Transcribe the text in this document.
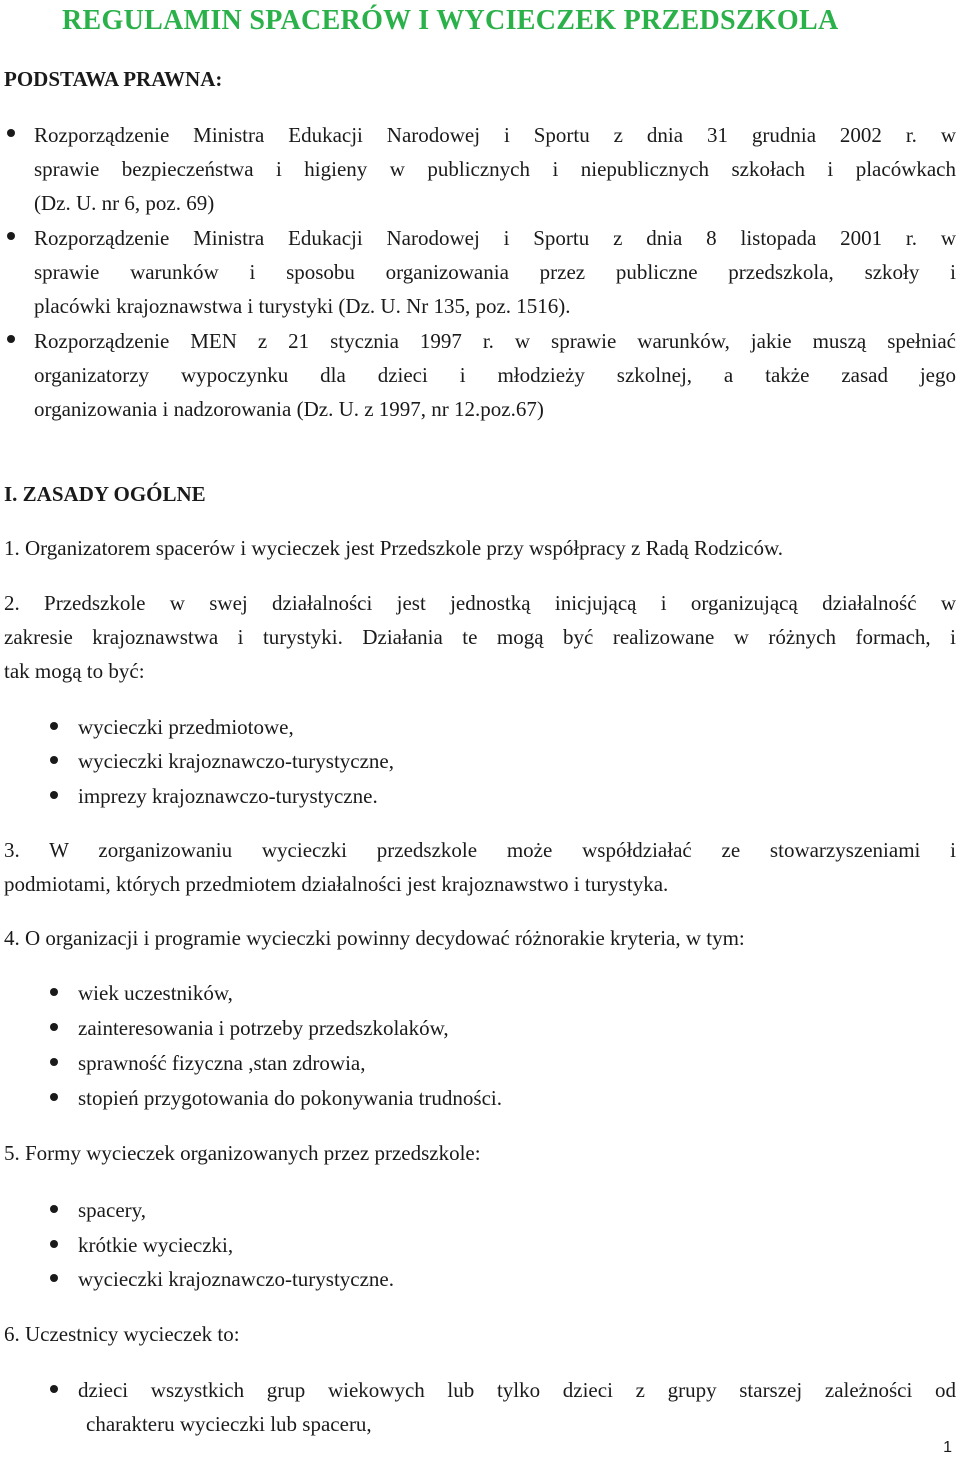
REGULAMIN SPACERÓW I WYCIECZEK PRZEDSZKOLA
PODSTAWA PRAWNA:
Rozporządzenie Ministra Edukacji Narodowej i Sportu z dnia 31 grudnia 2002 r. w
sprawie bezpieczeństwa i higieny w publicznych i niepublicznych szkołach i placówkach
(Dz. U. nr 6, poz. 69)
Rozporządzenie Ministra Edukacji Narodowej i Sportu z dnia 8 listopada 2001 r. w
sprawie warunków i sposobu organizowania przez publiczne przedszkola, szkoły i
placówki krajoznawstwa i turystyki (Dz. U. Nr 135, poz. 1516).
Rozporządzenie MEN z 21 stycznia 1997 r. w sprawie warunków, jakie muszą spełniać
organizatorzy wypoczynku dla dzieci i młodzieży szkolnej, a także zasad jego
organizowania i nadzorowania (Dz. U. z 1997, nr 12.poz.67)
I. ZASADY OGÓLNE
1. Organizatorem spacerów i wycieczek jest Przedszkole przy współpracy z Radą Rodziców.
2. Przedszkole w swej działalności jest jednostką inicjującą i organizującą działalność w
zakresie krajoznawstwa i turystyki. Działania te mogą być realizowane w różnych formach, i
tak mogą to być:
wycieczki przedmiotowe,
wycieczki krajoznawczo-turystyczne,
imprezy krajoznawczo-turystyczne.
3. W zorganizowaniu wycieczki przedszkole może współdziałać ze stowarzyszeniami i
podmiotami, których przedmiotem działalności jest krajoznawstwo i turystyka.
4. O organizacji i programie wycieczki powinny decydować różnorakie kryteria, w tym:
wiek uczestników,
zainteresowania i potrzeby przedszkolaków,
sprawność fizyczna ,stan zdrowia,
stopień przygotowania do pokonywania trudności.
5. Formy wycieczek organizowanych przez przedszkole:
spacery,
krótkie wycieczki,
wycieczki krajoznawczo-turystyczne.
6. Uczestnicy wycieczek to:
dzieci wszystkich grup wiekowych lub tylko dzieci z grupy starszej zależności od
charakteru wycieczki lub spaceru,
1
